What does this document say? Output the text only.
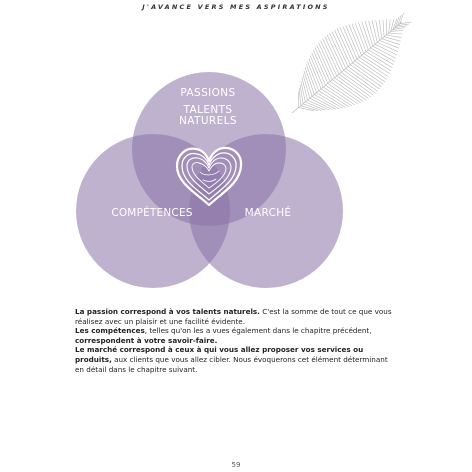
J'AVANCE VERS MES ASPIRATIONS
PASSIONS
TALENTS
NATURELS
COMPÉTENCES	MARCHÉ

La passion correspond à vos talents naturels. C'est la somme de tout ce que vous réalisez avec un plaisir et une facilité évidente.

Les compétences, telles qu'on les a vues également dans le chapitre précédent, correspondent à votre savoir-faire.

Le marché correspond à ceux à qui vous allez proposer vos services ou produits, aux clients que vous allez cibler. Nous évoquerons cet élément déterminant en détail dans le chapitre suivant.

59
